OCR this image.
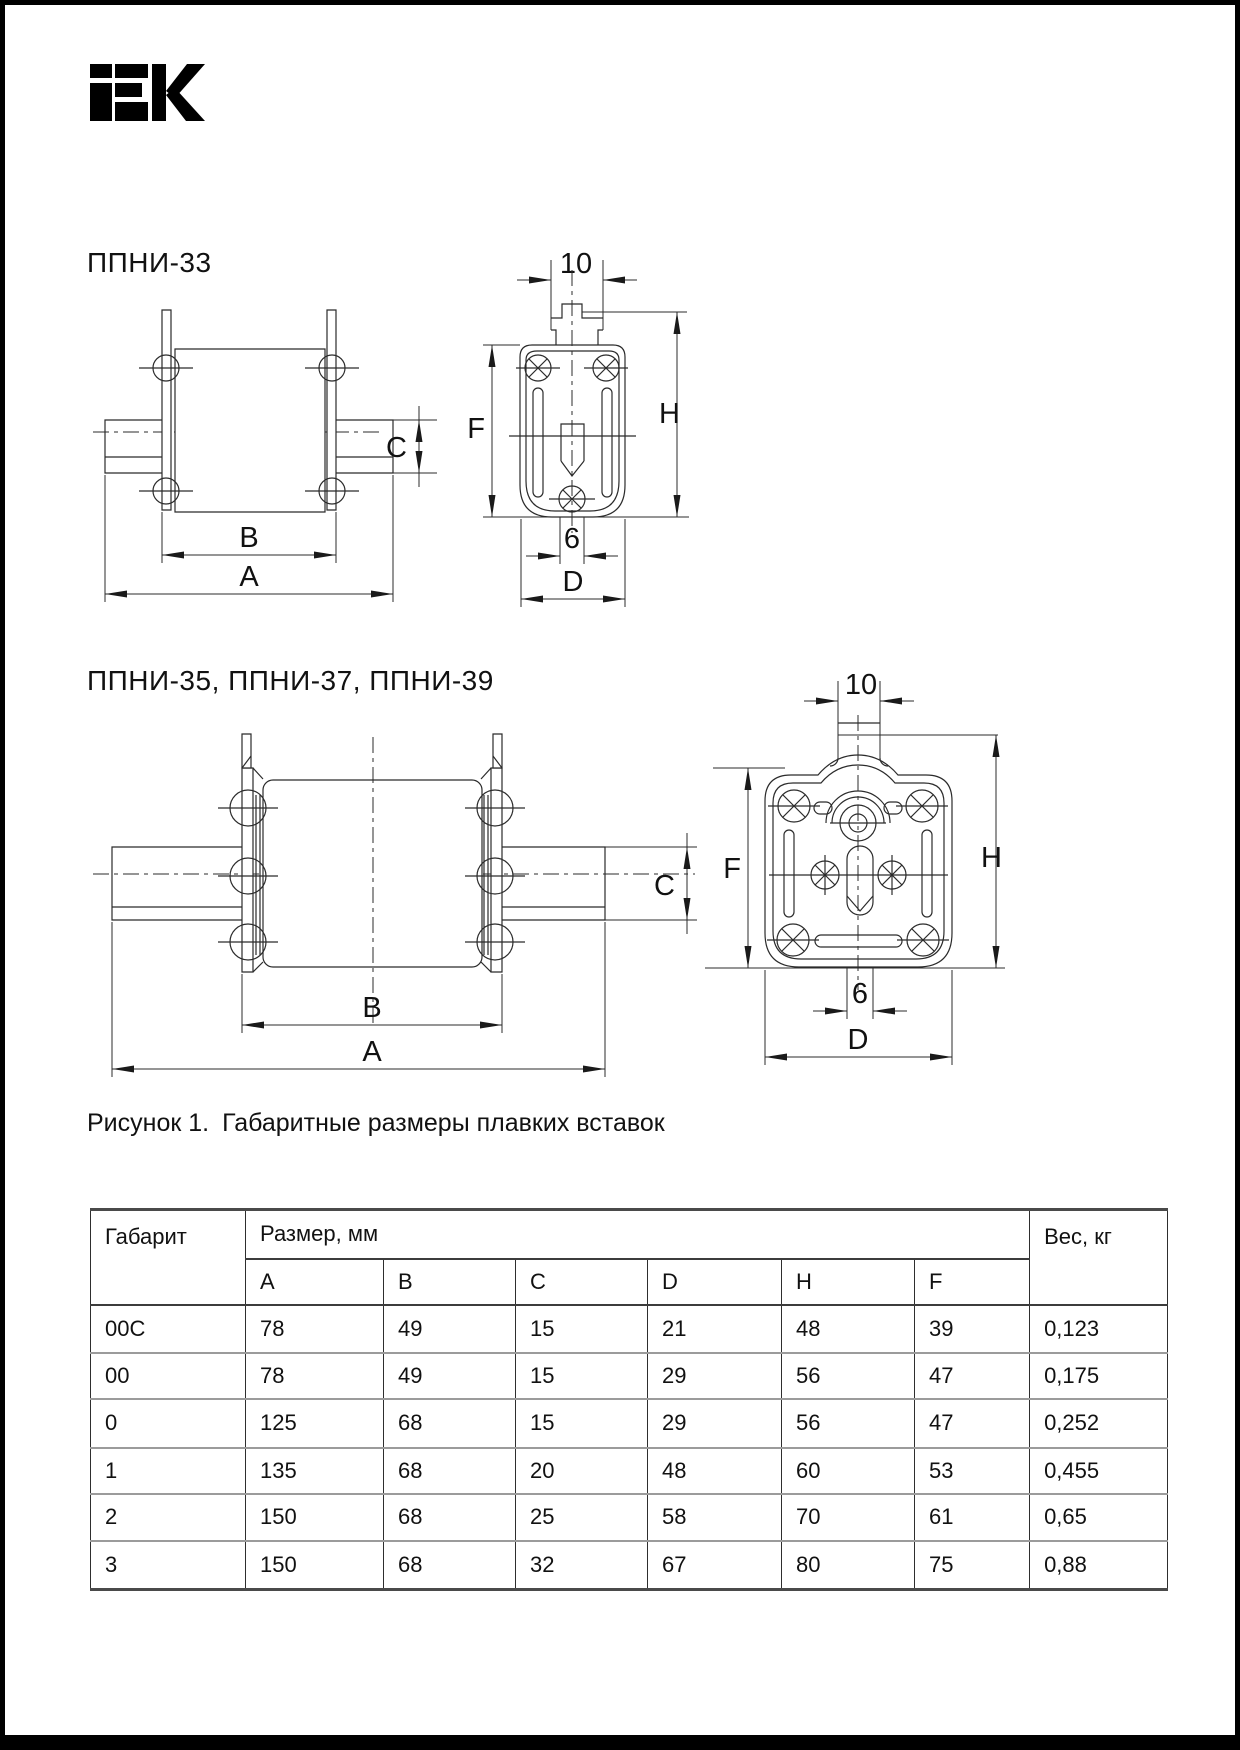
ППНИ-33
C
B
A
10
F	H
6
D
ППНИ-35, ППНИ-37, ППНИ-39
C
B
A
10
F	H
6
D
Рисунок 1. Габаритные размеры плавких вставок
Габарит	Размер, мм						Вес, кг
	A	B	C	D	H	F	
00C	78	49	15	21	48	39	0,123
00	78	49	15	29	56	47	0,175
0	125	68	15	29	56	47	0,252
1	135	68	20	48	60	53	0,455
2	150	68	25	58	70	61	0,65
3	150	68	32	67	80	75	0,88
